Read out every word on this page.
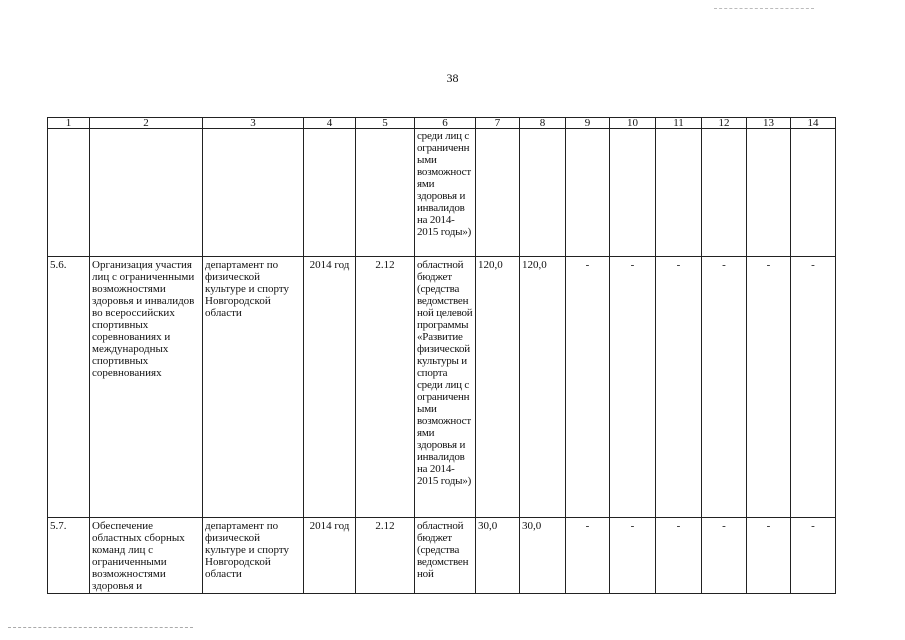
38
1	2	3	4	5	6	7	8	9	10	11	12	13	14
					среди лиц с ограниченными возможностями здоровья и инвалидов на 2014-2015 годы»)								
5.6.	Организация участия лиц с ограниченными возможностями здоровья и инвалидов во всероссийских спортивных соревнованиях и международных спортивных соревнованиях	департамент по физической культуре и спорту Новгородской области	2014 год	2.12	областной бюджет (средства ведомственной целевой программы «Развитие физической культуры и спорта среди лиц с ограниченными возможностями здоровья и инвалидов на 2014-2015 годы»)	120,0	120,0	-	-	-	-	-	-
5.7.	Обеспечение областных сборных команд лиц с ограниченными возможностями здоровья и	департамент по физической культуре и спорту Новгородской области	2014 год	2.12	областной бюджет (средства ведомственной	30,0	30,0	-	-	-	-	-	-
